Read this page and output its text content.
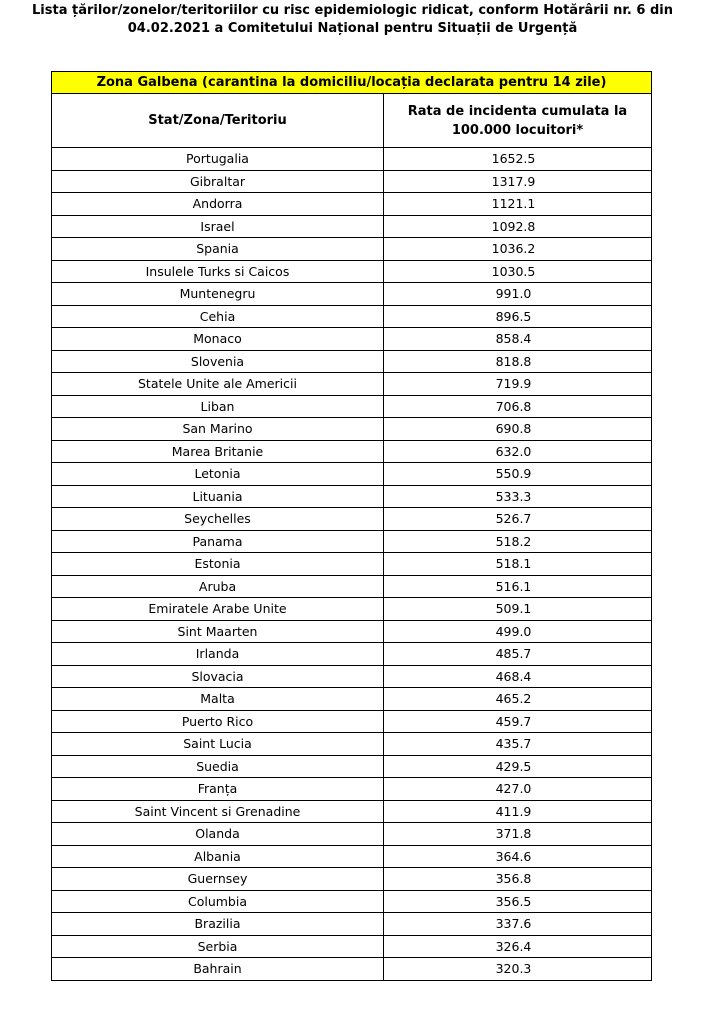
Lista țărilor/zonelor/teritoriilor cu risc epidemiologic ridicat, conform Hotărârii nr. 6 din
04.02.2021 a Comitetului Național pentru Situații de Urgență
Zona Galbena (carantina la domiciliu/locația declarata pentru 14 zile)	
Stat/Zona/Teritoriu	Rata de incidenta cumulata la
100.000 locuitori*
Portugalia	1652.5
Gibraltar	1317.9
Andorra	1121.1
Israel	1092.8
Spania	1036.2
Insulele Turks si Caicos	1030.5
Muntenegru	991.0
Cehia	896.5
Monaco	858.4
Slovenia	818.8
Statele Unite ale Americii	719.9
Liban	706.8
San Marino	690.8
Marea Britanie	632.0
Letonia	550.9
Lituania	533.3
Seychelles	526.7
Panama	518.2
Estonia	518.1
Aruba	516.1
Emiratele Arabe Unite	509.1
Sint Maarten	499.0
Irlanda	485.7
Slovacia	468.4
Malta	465.2
Puerto Rico	459.7
Saint Lucia	435.7
Suedia	429.5
Franța	427.0
Saint Vincent si Grenadine	411.9
Olanda	371.8
Albania	364.6
Guernsey	356.8
Columbia	356.5
Brazilia	337.6
Serbia	326.4
Bahrain	320.3
